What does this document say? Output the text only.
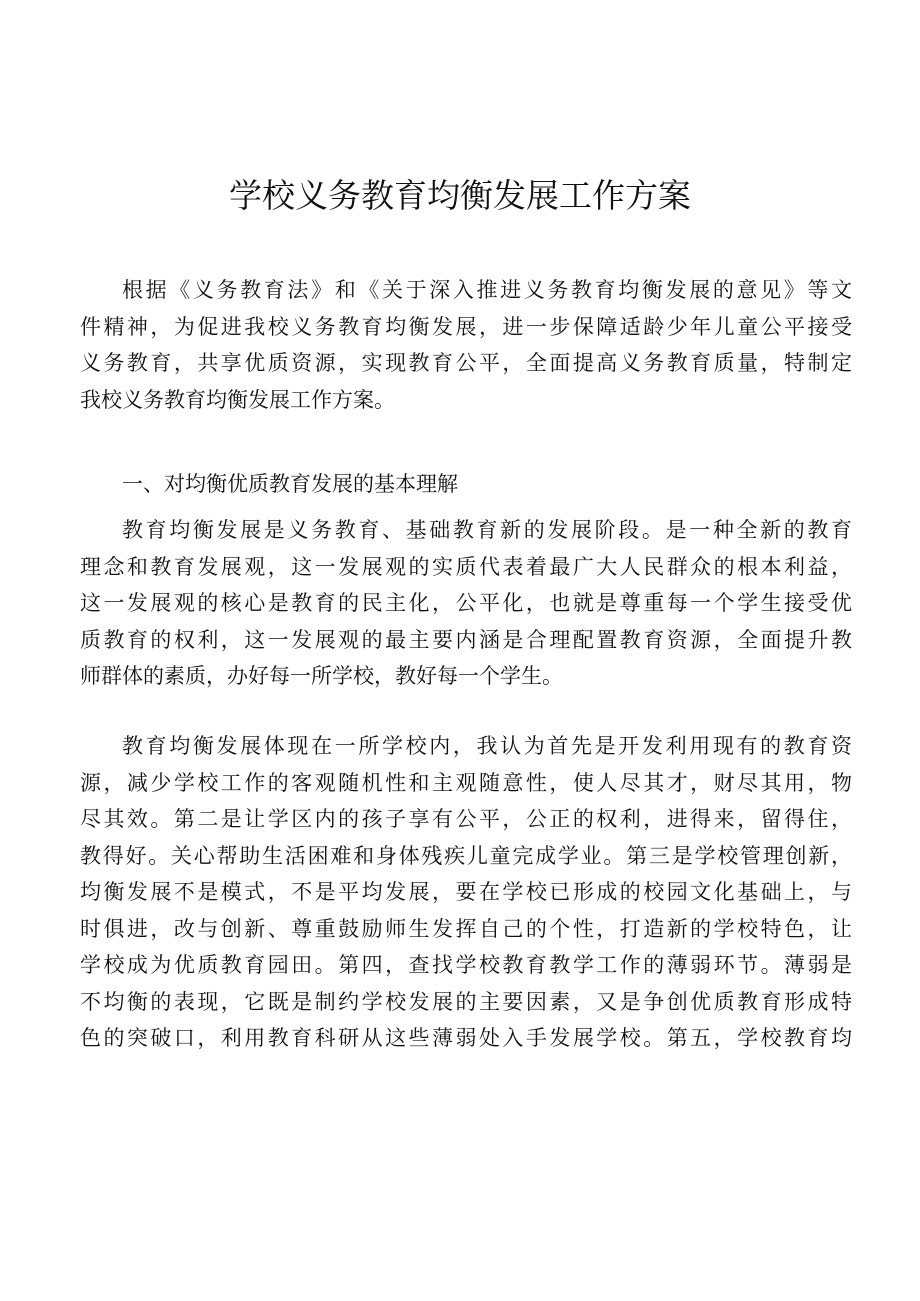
学校义务教育均衡发展工作方案
根据《义务教育法》和《关于深入推进义务教育均衡发展的意见》等文
件精神，为促进我校义务教育均衡发展，进一步保障适龄少年儿童公平接受
义务教育，共享优质资源，实现教育公平，全面提高义务教育质量，特制定
我校义务教育均衡发展工作方案。
一、对均衡优质教育发展的基本理解
教育均衡发展是义务教育、基础教育新的发展阶段。是一种全新的教育
理念和教育发展观，这一发展观的实质代表着最广大人民群众的根本利益，
这一发展观的核心是教育的民主化，公平化，也就是尊重每一个学生接受优
质教育的权利，这一发展观的最主要内涵是合理配置教育资源，全面提升教
师群体的素质，办好每一所学校，教好每一个学生。
教育均衡发展体现在一所学校内，我认为首先是开发利用现有的教育资
源，减少学校工作的客观随机性和主观随意性，使人尽其才，财尽其用，物
尽其效。第二是让学区内的孩子享有公平，公正的权利，进得来，留得住，
教得好。关心帮助生活困难和身体残疾儿童完成学业。第三是学校管理创新，
均衡发展不是模式，不是平均发展，要在学校已形成的校园文化基础上，与
时俱进，改与创新、尊重鼓励师生发挥自己的个性，打造新的学校特色，让
学校成为优质教育园田。第四，查找学校教育教学工作的薄弱环节。薄弱是
不均衡的表现，它既是制约学校发展的主要因素，又是争创优质教育形成特
色的突破口，利用教育科研从这些薄弱处入手发展学校。第五，学校教育均
